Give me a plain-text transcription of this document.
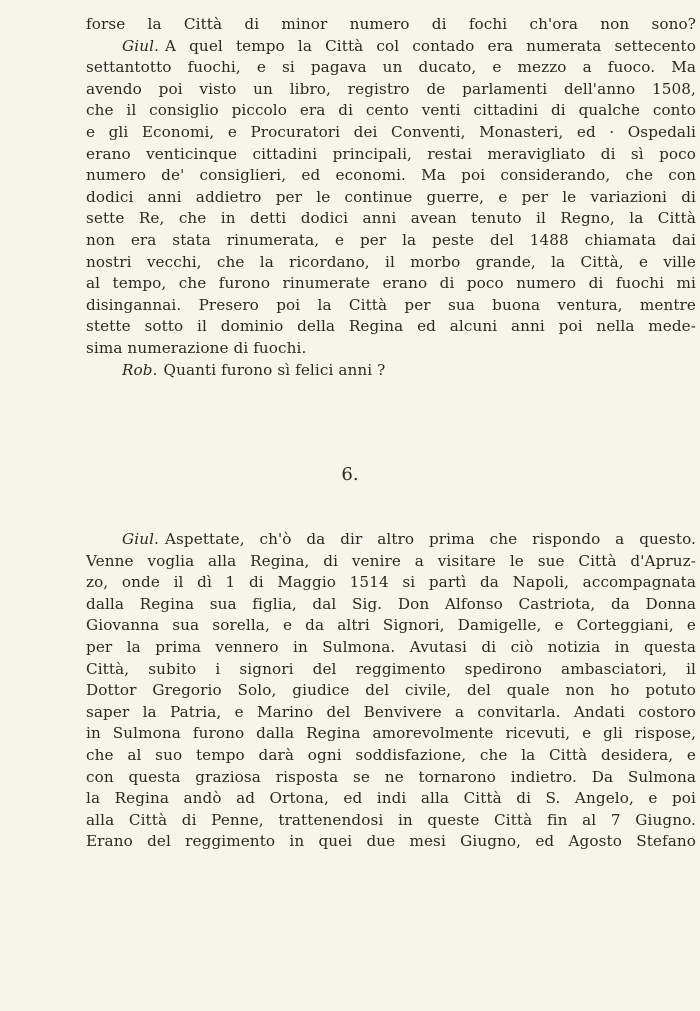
forse la Città di minor numero di fochi ch'ora non sono?
Giul. A quel tempo la Città col contado era numerata settecento
settantotto fuochi, e si pagava un ducato, e mezzo a fuoco. Ma
avendo poi visto un libro, registro de parlamenti dell'anno 1508,
che il consiglio piccolo era di cento venti cittadini di qualche conto
e gli Economi, e Procuratori dei Conventi, Monasteri, ed · Ospedali
erano venticinque cittadini principali, restai meravigliato di sì poco
numero de' consiglieri, ed economi. Ma poi considerando, che con
dodici anni addietro per le continue guerre, e per le variazioni di
sette Re, che in detti dodici anni avean tenuto il Regno, la Città
non era stata rinumerata, e per la peste del 1488 chiamata dai
nostri vecchi, che la ricordano, il morbo grande, la Città, e ville
al tempo, che furono rinumerate erano di poco numero di fuochi mi
disingannai. Presero poi la Città per sua buona ventura, mentre
stette sotto il dominio della Regina ed alcuni anni poi nella mede-
sima numerazione di fuochi.
Rob. Quanti furono sì felici anni ?
6.
Giul. Aspettate, ch'ò da dir altro prima che rispondo a questo.
Venne voglia alla Regina, di venire a visitare le sue Città d'Apruz-
zo, onde il dì 1 di Maggio 1514 si partì da Napoli, accompagnata
dalla Regina sua figlia, dal Sig. Don Alfonso Castriota, da Donna
Giovanna sua sorella, e da altri Signori, Damigelle, e Corteggiani, e
per la prima vennero in Sulmona. Avutasi di ciò notizia in questa
Città, subito i signori del reggimento spedirono ambasciatori, il
Dottor Gregorio Solo, giudice del civile, del quale non ho potuto
saper la Patria, e Marino del Benvivere a convitarla. Andati costoro
in Sulmona furono dalla Regina amorevolmente ricevuti, e gli rispose,
che al suo tempo darà ogni soddisfazione, che la Città desidera, e
con questa graziosa risposta se ne tornarono indietro. Da Sulmona
la Regina andò ad Ortona, ed indi alla Città di S. Angelo, e poi
alla Città di Penne, trattenendosi in queste Città fin al 7 Giugno.
Erano del reggimento in quei due mesi Giugno, ed Agosto Stefano
